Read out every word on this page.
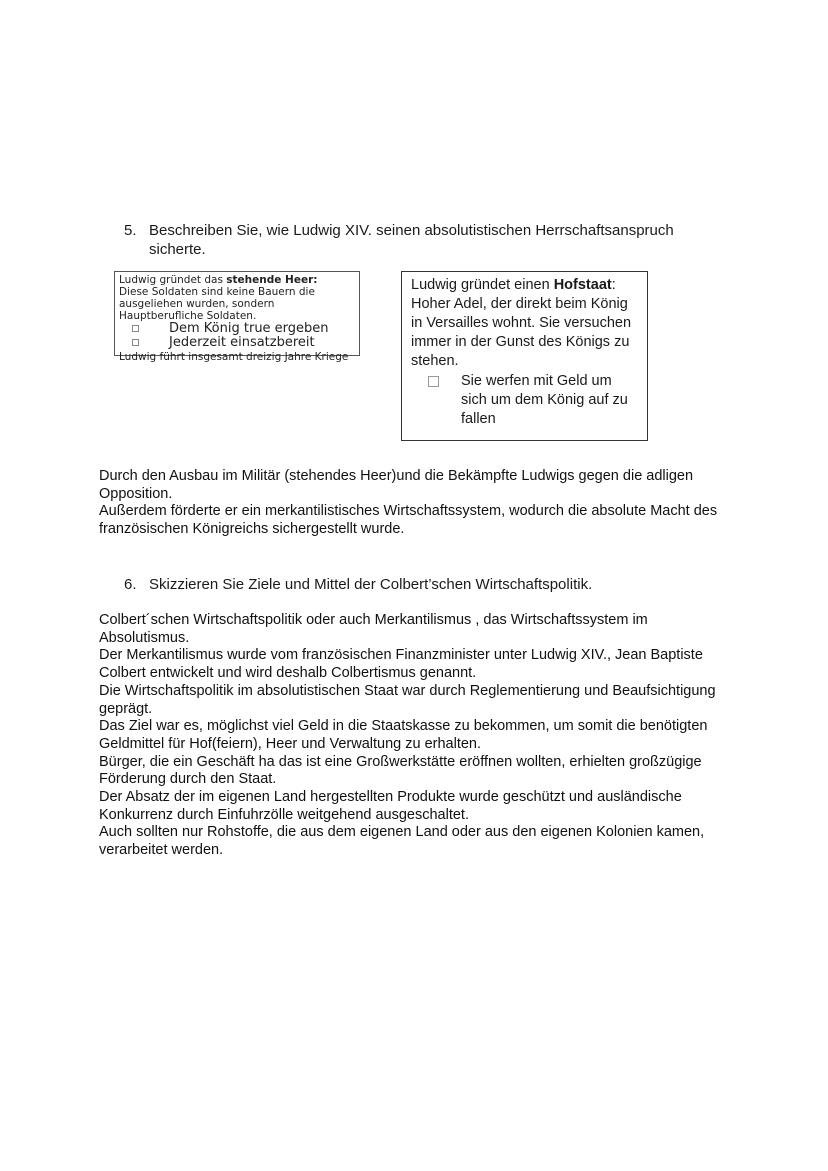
5. Beschreiben Sie, wie Ludwig XIV. seinen absolutistischen Herrschaftsanspruch sicherte.
Ludwig gründet das stehende Heer:
Diese Soldaten sind keine Bauern die ausgeliehen wurden, sondern Hauptberufliche Soldaten.
Dem König true ergeben
Jederzeit einsatzbereit
Ludwig führt insgesamt dreizig Jahre Kriege
Ludwig gründet einen Hofstaat:
Hoher Adel, der direkt beim König in Versailles wohnt. Sie versuchen immer in der Gunst des Königs zu stehen.
Sie werfen mit Geld um sich um dem König auf zu fallen

Durch den Ausbau im Militär (stehendes Heer)und die Bekämpfte Ludwigs gegen die adligen Opposition.

Außerdem förderte er ein merkantilistisches Wirtschaftssystem, wodurch die absolute Macht des französischen Königreichs sichergestellt wurde.

6. Skizzieren Sie Ziele und Mittel der Colbert’schen Wirtschaftspolitik.

Colbert´schen Wirtschaftspolitik oder auch Merkantilismus , das Wirtschaftssystem im Absolutismus.

Der Merkantilismus wurde vom französischen Finanzminister unter Ludwig XIV., Jean Baptiste Colbert entwickelt und wird deshalb Colbertismus genannt.

Die Wirtschaftspolitik im absolutistischen Staat war durch Reglementierung und Beaufsichtigung geprägt.

Das Ziel war es, möglichst viel Geld in die Staatskasse zu bekommen, um somit die benötigten Geldmittel für Hof(feiern), Heer und Verwaltung zu erhalten.

Bürger, die ein Geschäft ha das ist eine Großwerkstätte eröffnen wollten, erhielten großzügige Förderung durch den Staat.

Der Absatz der im eigenen Land hergestellten Produkte wurde geschützt und ausländische Konkurrenz durch Einfuhrzölle weitgehend ausgeschaltet.

Auch sollten nur Rohstoffe, die aus dem eigenen Land oder aus den eigenen Kolonien kamen, verarbeitet werden.
